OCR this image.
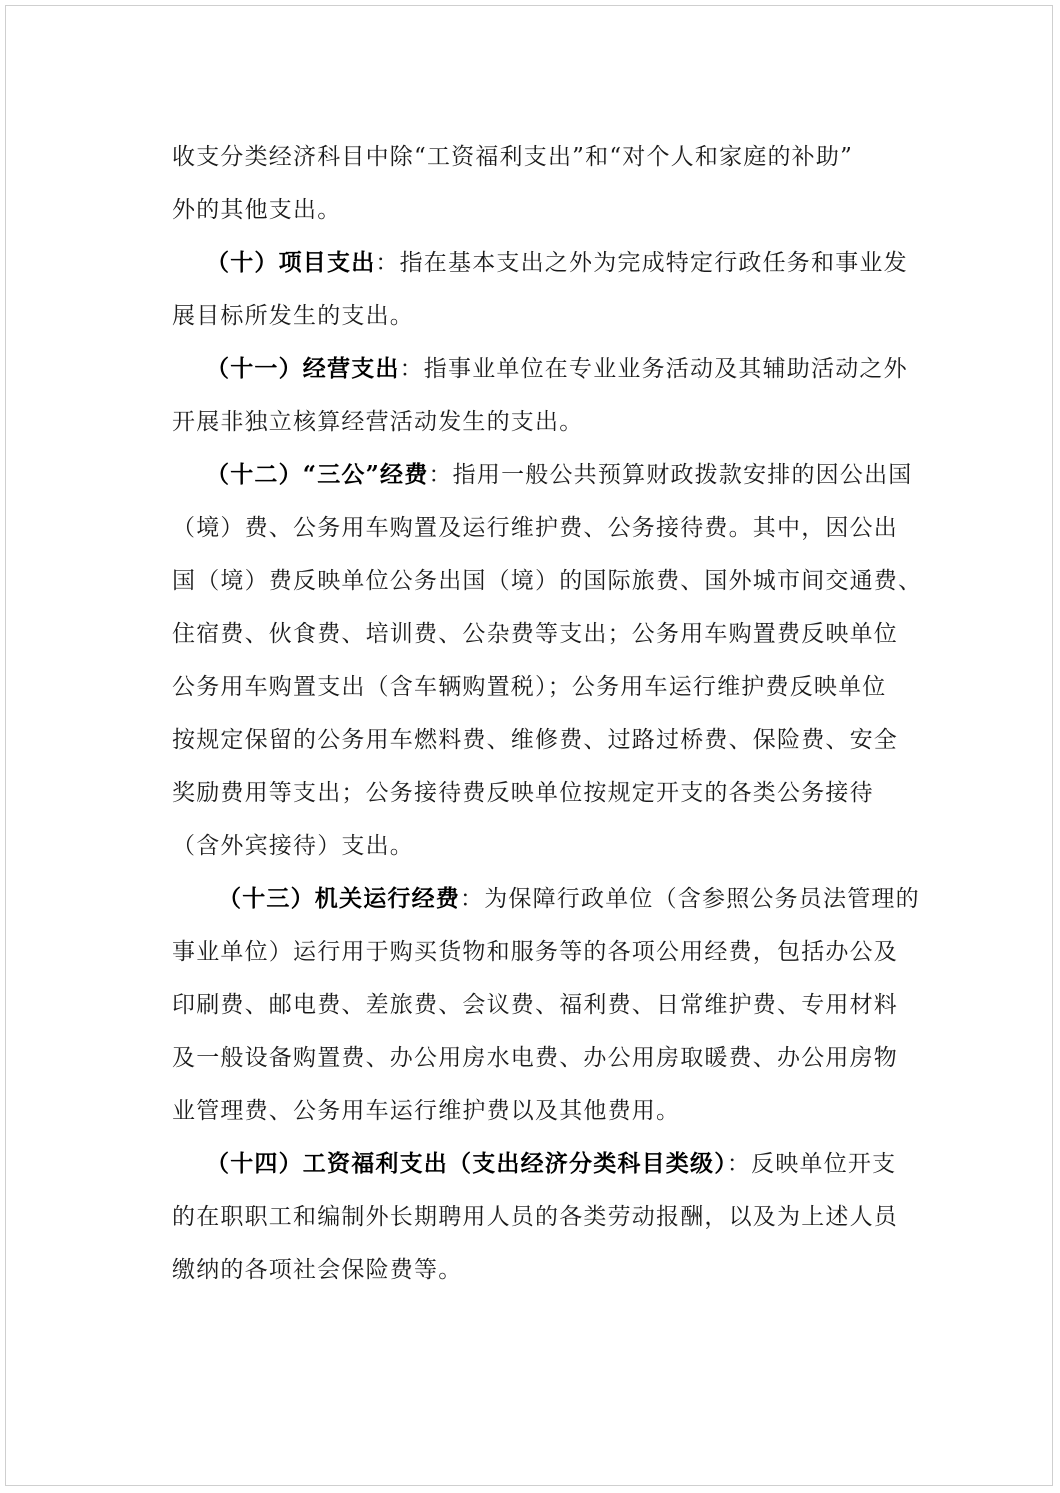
收支分类经济科目中除“工资福利支出”和“对个人和家庭的补助”
外的其他支出。
（十）项目支出：指在基本支出之外为完成特定行政任务和事业发
展目标所发生的支出。
（十一）经营支出：指事业单位在专业业务活动及其辅助活动之外
开展非独立核算经营活动发生的支出。
（十二）“三公”经费：指用一般公共预算财政拨款安排的因公出国
（境）费、公务用车购置及运行维护费、公务接待费。其中，因公出
国（境）费反映单位公务出国（境）的国际旅费、国外城市间交通费、
住宿费、伙食费、培训费、公杂费等支出；公务用车购置费反映单位
公务用车购置支出（含车辆购置税）；公务用车运行维护费反映单位
按规定保留的公务用车燃料费、维修费、过路过桥费、保险费、安全
奖励费用等支出；公务接待费反映单位按规定开支的各类公务接待
（含外宾接待）支出。
（十三）机关运行经费：为保障行政单位（含参照公务员法管理的
事业单位）运行用于购买货物和服务等的各项公用经费，包括办公及
印刷费、邮电费、差旅费、会议费、福利费、日常维护费、专用材料
及一般设备购置费、办公用房水电费、办公用房取暖费、办公用房物
业管理费、公务用车运行维护费以及其他费用。
（十四）工资福利支出（支出经济分类科目类级）：反映单位开支
的在职职工和编制外长期聘用人员的各类劳动报酬，以及为上述人员
缴纳的各项社会保险费等。
